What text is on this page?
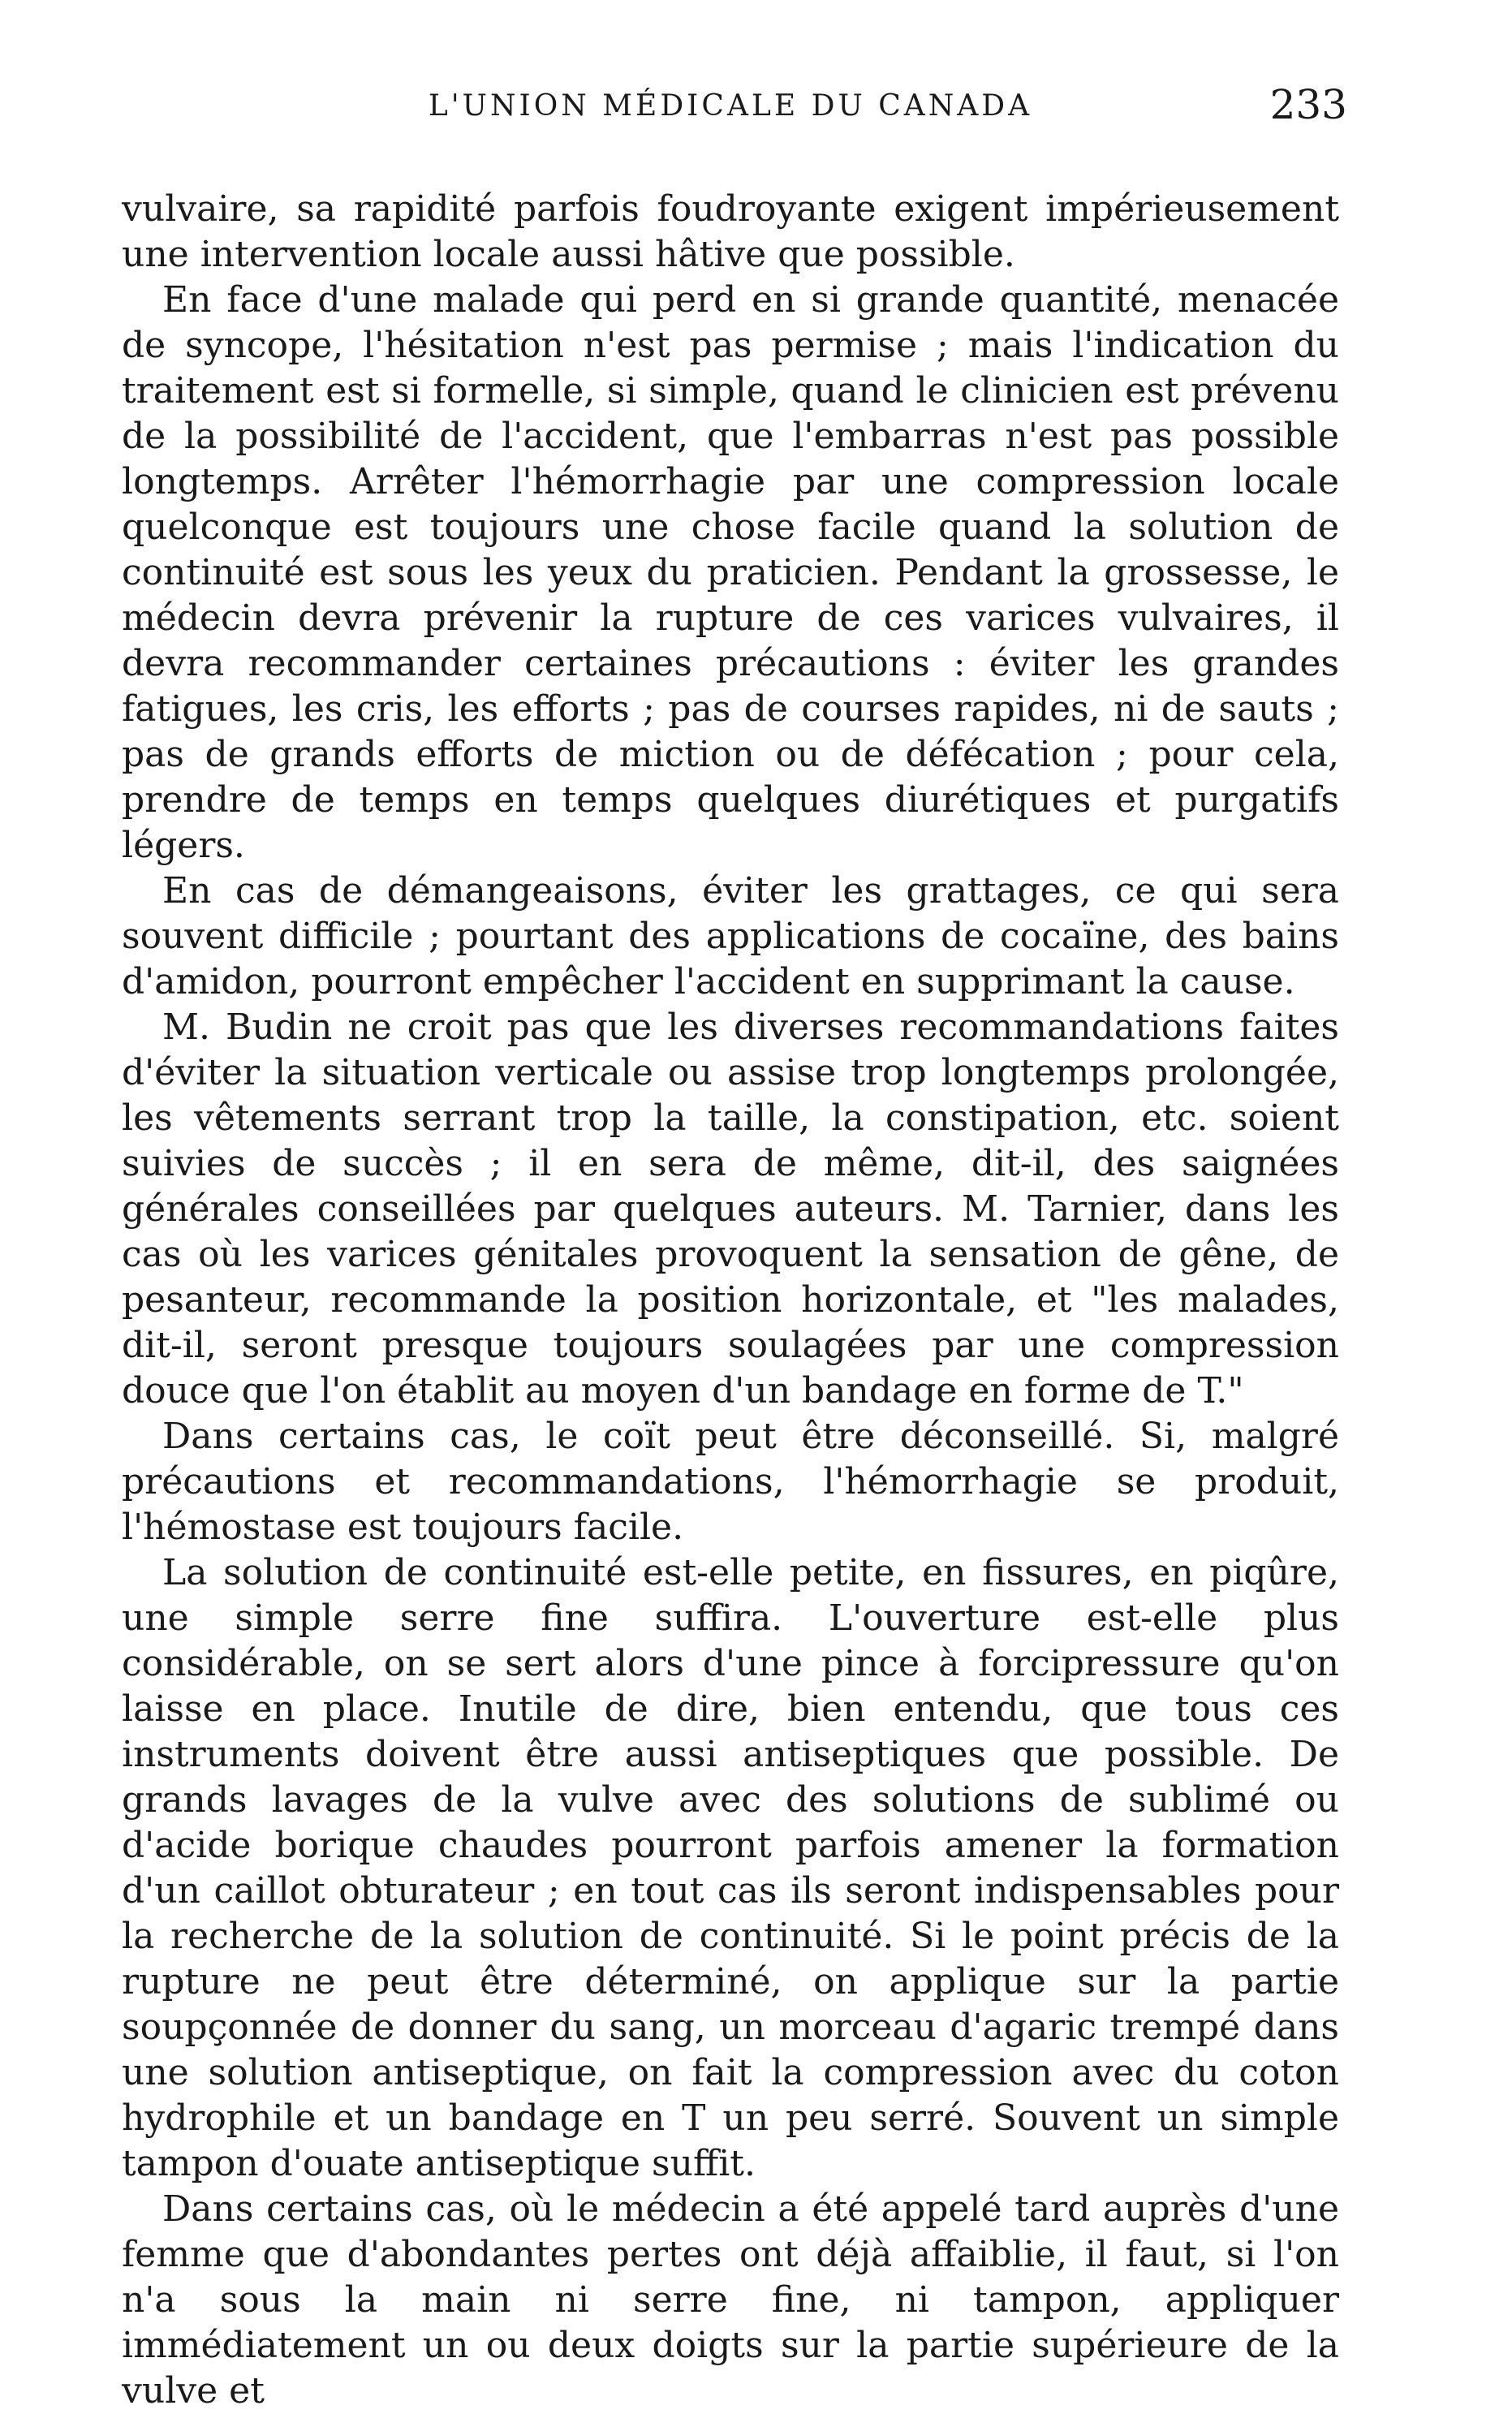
L'UNION MÉDICALE DU CANADA	233

vulvaire, sa rapidité parfois foudroyante exigent impérieusement une intervention locale aussi hâtive que possible.

En face d'une malade qui perd en si grande quantité, menacée de syncope, l'hésitation n'est pas permise ; mais l'indication du traitement est si formelle, si simple, quand le clinicien est prévenu de la possibilité de l'accident, que l'embarras n'est pas possible longtemps. Arrêter l'hémorrhagie par une compression locale quelconque est toujours une chose facile quand la solution de continuité est sous les yeux du praticien. Pendant la grossesse, le médecin devra prévenir la rupture de ces varices vulvaires, il devra recommander certaines précautions : éviter les grandes fatigues, les cris, les efforts ; pas de courses rapides, ni de sauts ; pas de grands efforts de miction ou de défécation ; pour cela, prendre de temps en temps quelques diurétiques et purgatifs légers.

En cas de démangeaisons, éviter les grattages, ce qui sera souvent difficile ; pourtant des applications de cocaïne, des bains d'amidon, pourront empêcher l'accident en supprimant la cause.

M. Budin ne croit pas que les diverses recommandations faites d'éviter la situation verticale ou assise trop longtemps prolongée, les vêtements serrant trop la taille, la constipation, etc. soient suivies de succès ; il en sera de même, dit-il, des saignées générales conseillées par quelques auteurs. M. Tarnier, dans les cas où les varices génitales provoquent la sensation de gêne, de pesanteur, recommande la position horizontale, et "les malades, dit-il, seront presque toujours soulagées par une compression douce que l'on établit au moyen d'un bandage en forme de T."

Dans certains cas, le coït peut être déconseillé. Si, malgré précautions et recommandations, l'hémorrhagie se produit, l'hémostase est toujours facile.

La solution de continuité est-elle petite, en fissures, en piqûre, une simple serre fine suffira. L'ouverture est-elle plus considérable, on se sert alors d'une pince à forcipressure qu'on laisse en place. Inutile de dire, bien entendu, que tous ces instruments doivent être aussi antiseptiques que possible. De grands lavages de la vulve avec des solutions de sublimé ou d'acide borique chaudes pourront parfois amener la formation d'un caillot obturateur ; en tout cas ils seront indispensables pour la recherche de la solution de continuité. Si le point précis de la rupture ne peut être déterminé, on applique sur la partie soupçonnée de donner du sang, un morceau d'agaric trempé dans une solution antiseptique, on fait la compression avec du coton hydrophile et un bandage en T un peu serré. Souvent un simple tampon d'ouate antiseptique suffit.

Dans certains cas, où le médecin a été appelé tard auprès d'une femme que d'abondantes pertes ont déjà affaiblie, il faut, si l'on n'a sous la main ni serre fine, ni tampon, appliquer immédiatement un ou deux doigts sur la partie supérieure de la vulve et
